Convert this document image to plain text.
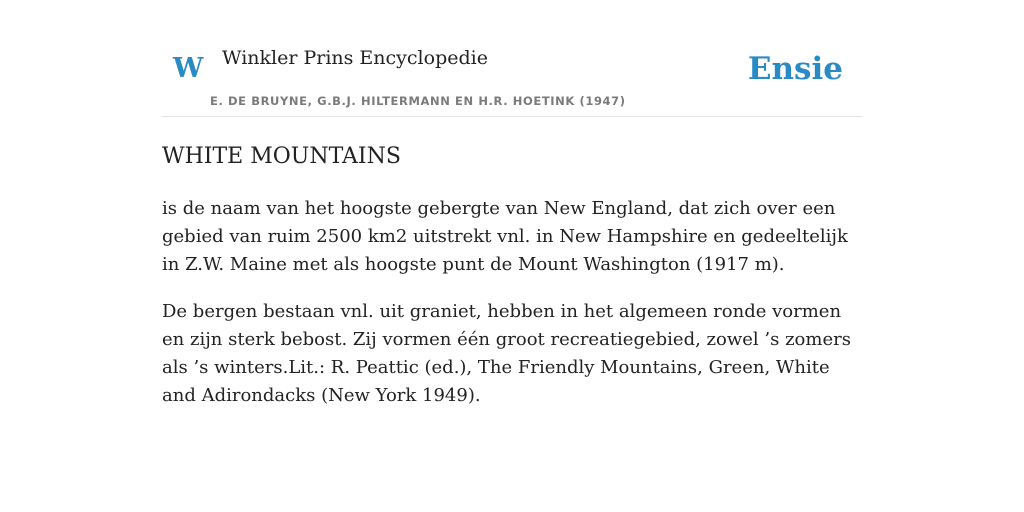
W Winkler Prins Encyclopedie	Ensie
E. DE BRUYNE, G.B.J. HILTERMANN EN H.R. HOETINK (1947)
WHITE MOUNTAINS

is de naam van het hoogste gebergte van New England, dat zich over een gebied van ruim 2500 km2 uitstrekt vnl. in New Hampshire en gedeeltelijk in Z.W. Maine met als hoogste punt de Mount Washington (1917 m).

De bergen bestaan vnl. uit graniet, hebben in het algemeen ronde vormen en zijn sterk bebost. Zij vormen één groot recreatiegebied, zowel ’s zomers als ’s winters.Lit.: R. Peattic (ed.), The Friendly Mountains, Green, White and Adirondacks (New York 1949).
